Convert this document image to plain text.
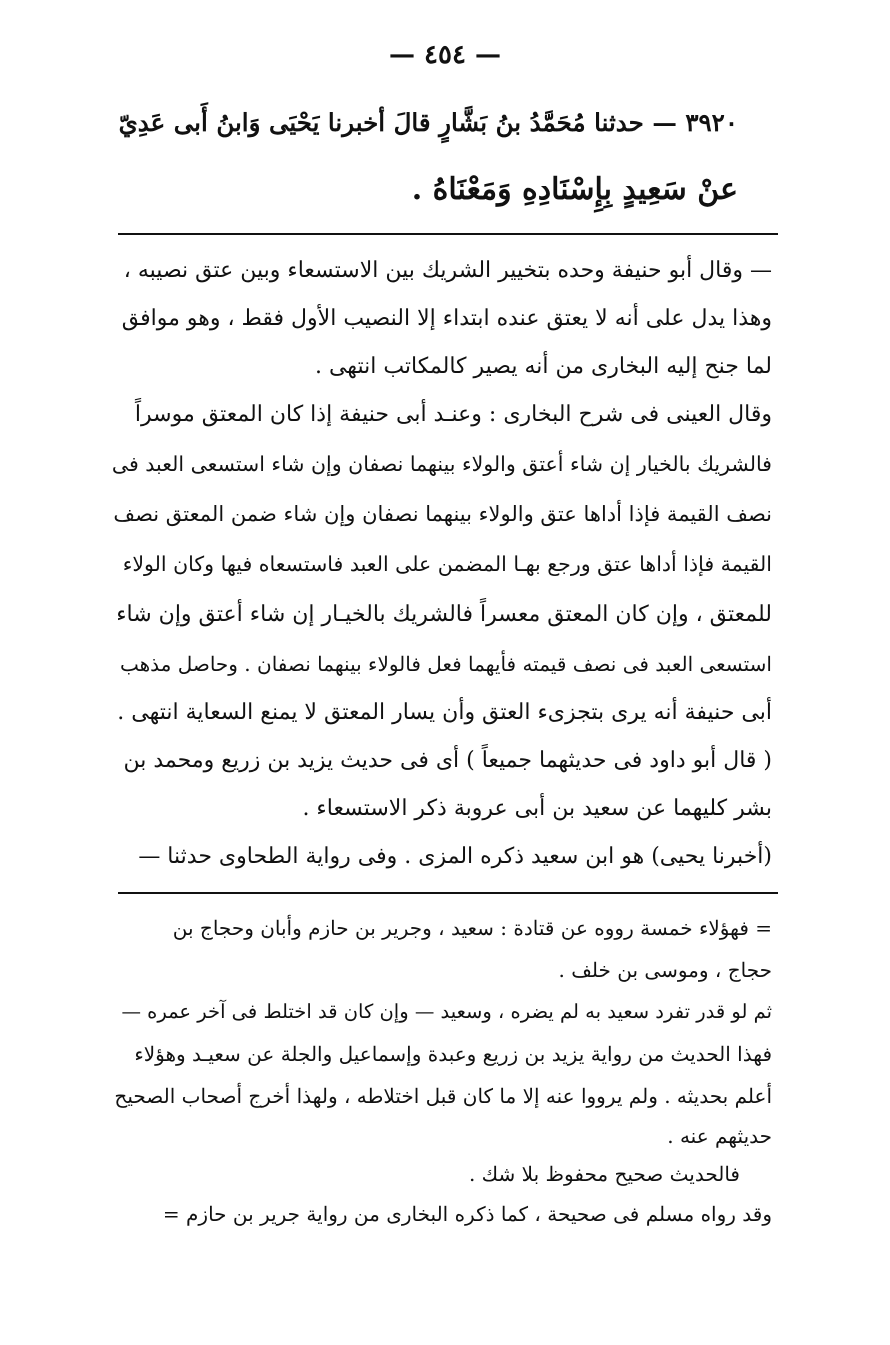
— ٤٥٤ —
٣٩٢٠ — حدثنا مُحَمَّدُ بنُ بَشَّارٍ قالَ أخبرنا يَحْيَى وَابنُ أَبى عَدِيّ
عنْ سَعِيدٍ بِإِسْنَادِهِ وَمَعْنَاهُ .
— وقال أبو حنيفة وحده بتخيير الشريك بين الاستسعاء وبين عتق نصيبه ،
وهذا يدل على أنه لا يعتق عنده ابتداء إلا النصيب الأول فقط ، وهو موافق
لما جنح إليه البخارى من أنه يصير كالمكاتب انتهى .
وقال العينى فى شرح البخارى : وعنـد أبى حنيفة إذا كان المعتق موسراً
فالشريك بالخيار إن شاء أعتق والولاء بينهما نصفان وإن شاء استسعى العبد فى
نصف القيمة فإذا أداها عتق والولاء بينهما نصفان وإن شاء ضمن المعتق نصف
القيمة فإذا أداها عتق ورجع بهـا المضمن على العبد فاستسعاه فيها وكان الولاء
للمعتق ، وإن كان المعتق معسراً فالشريك بالخيـار إن شاء أعتق وإن شاء
استسعى العبد فى نصف قيمته فأيهما فعل فالولاء بينهما نصفان . وحاصل مذهب
أبى حنيفة أنه يرى بتجزىء العتق وأن يسار المعتق لا يمنع السعاية انتهى .
( قال أبو داود فى حديثهما جميعاً ) أى فى حديث يزيد بن زريع ومحمد بن
بشر كليهما عن سعيد بن أبى عروبة ذكر الاستسعاء .
(أخبرنا يحيى) هو ابن سعيد ذكره المزى . وفى رواية الطحاوى حدثنا —
= فهؤلاء خمسة رووه عن قتادة : سعيد ، وجرير بن حازم وأبان وحجاج بن
حجاج ، وموسى بن خلف .
ثم لو قدر تفرد سعيد به لم يضره ، وسعيد — وإن كان قد اختلط فى آخر عمره —
فهذا الحديث من رواية يزيد بن زريع وعبدة وإسماعيل والجلة عن سعيـد وهؤلاء
أعلم بحديثه . ولم يرووا عنه إلا ما كان قبل اختلاطه ، ولهذا أخرج أصحاب الصحيح
حديثهم عنه .
فالحديث صحيح محفوظ بلا شك .
وقد رواه مسلم فى صحيحة ، كما ذكره البخارى من رواية جرير بن حازم =
